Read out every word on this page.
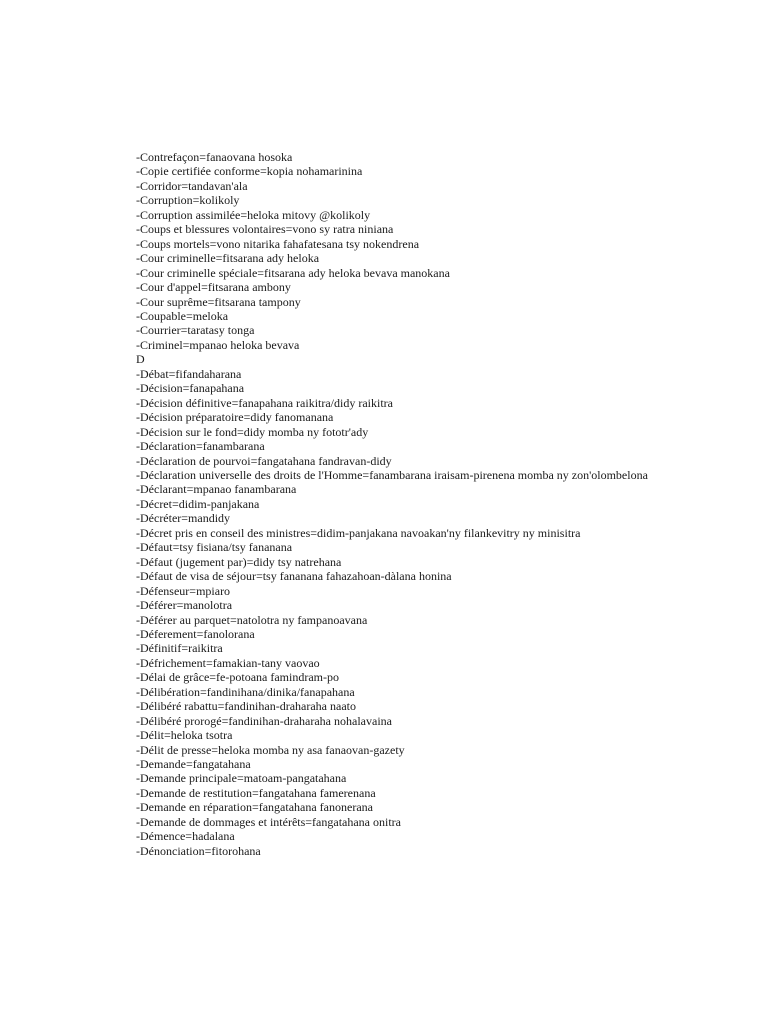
-Contrefaçon=fanaovana hosoka
-Copie certifiée conforme=kopia nohamarinina
-Corridor=tandavan'ala
-Corruption=kolikoly
-Corruption assimilée=heloka mitovy @kolikoly
-Coups et blessures volontaires=vono sy ratra niniana
-Coups mortels=vono nitarika fahafatesana tsy nokendrena
-Cour criminelle=fitsarana ady heloka
-Cour criminelle spéciale=fitsarana ady heloka bevava manokana
-Cour d'appel=fitsarana ambony
-Cour suprême=fitsarana tampony
-Coupable=meloka
-Courrier=taratasy tonga
-Criminel=mpanao heloka bevava
D
-Débat=fifandaharana
-Décision=fanapahana
-Décision définitive=fanapahana raikitra/didy raikitra
-Décision préparatoire=didy fanomanana
-Décision sur le fond=didy momba ny fototr'ady
-Déclaration=fanambarana
-Déclaration de pourvoi=fangatahana fandravan-didy
-Déclaration universelle des droits de l'Homme=fanambarana iraisam-pirenena momba ny zon'olombelona
-Déclarant=mpanao fanambarana
-Décret=didim-panjakana
-Décréter=mandidy
-Décret pris en conseil des ministres=didim-panjakana navoakan'ny filankevitry ny minisitra
-Défaut=tsy fisiana/tsy fananana
-Défaut (jugement par)=didy tsy natrehana
-Défaut de visa de séjour=tsy fananana fahazahoan-dàlana honina
-Défenseur=mpiaro
-Déférer=manolotra
-Déférer au parquet=natolotra ny fampanoavana
-Déferement=fanolorana
-Définitif=raikitra
-Défrichement=famakian-tany vaovao
-Délai de grâce=fe-potoana famindram-po
-Délibération=fandinihana/dinika/fanapahana
-Délibéré rabattu=fandinihan-draharaha naato
-Délibéré prorogé=fandinihan-draharaha nohalavaina
-Délit=heloka tsotra
-Délit de presse=heloka momba ny asa fanaovan-gazety
-Demande=fangatahana
-Demande principale=matoam-pangatahana
-Demande de restitution=fangatahana famerenana
-Demande en réparation=fangatahana fanonerana
-Demande de dommages et intérêts=fangatahana onitra
-Démence=hadalana
-Dénonciation=fitorohana
